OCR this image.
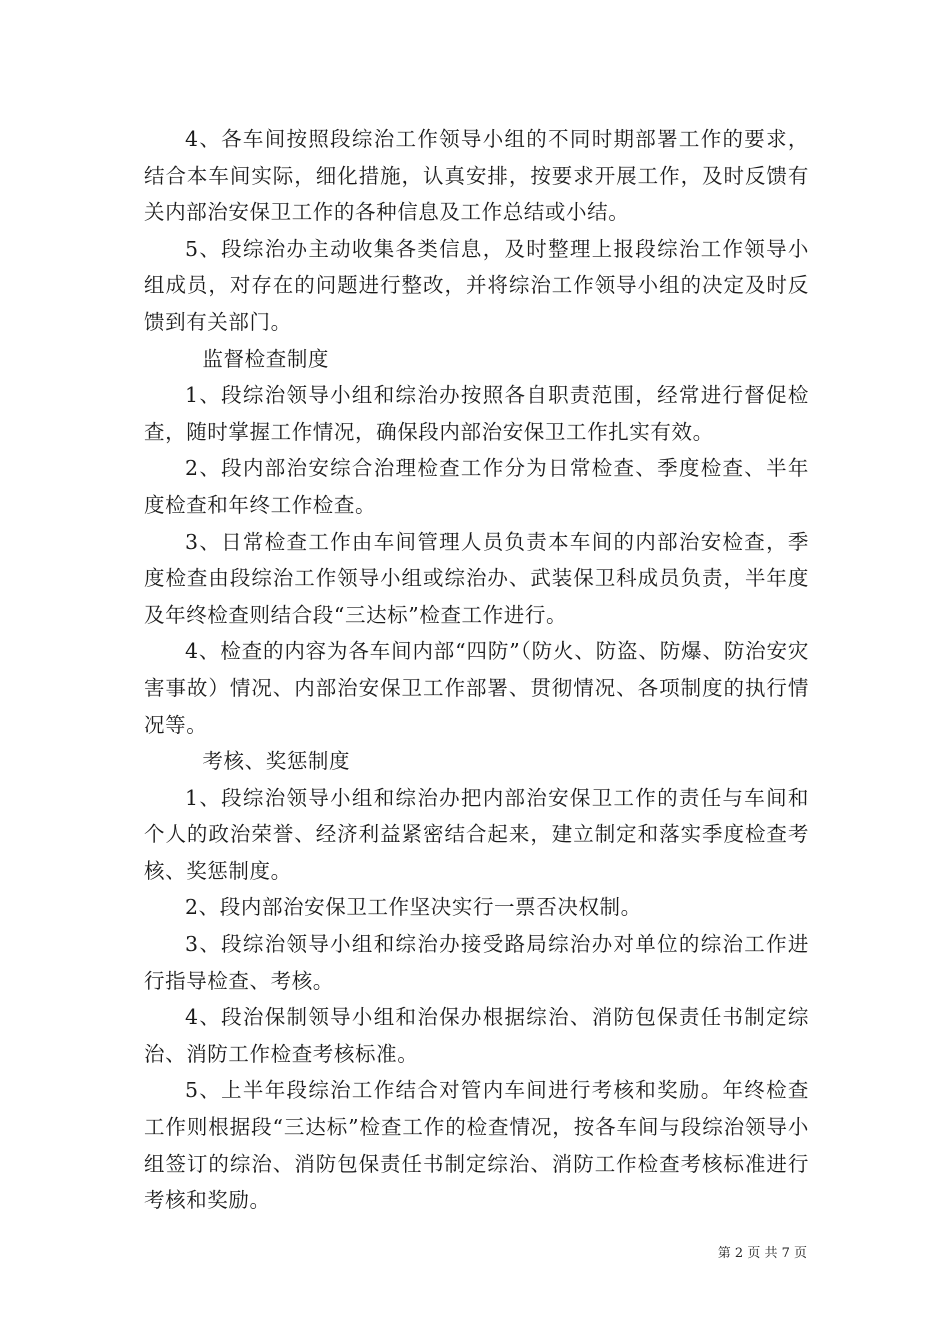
4、各车间按照段综治工作领导小组的不同时期部署工作的要求，结合本车间实际，细化措施，认真安排，按要求开展工作，及时反馈有关内部治安保卫工作的各种信息及工作总结或小结。

5、段综治办主动收集各类信息，及时整理上报段综治工作领导小组成员，对存在的问题进行整改，并将综治工作领导小组的决定及时反馈到有关部门。

监督检查制度

1、段综治领导小组和综治办按照各自职责范围，经常进行督促检查，随时掌握工作情况，确保段内部治安保卫工作扎实有效。

2、段内部治安综合治理检查工作分为日常检查、季度检查、半年度检查和年终工作检查。

3、日常检查工作由车间管理人员负责本车间的内部治安检查，季度检查由段综治工作领导小组或综治办、武装保卫科成员负责，半年度及年终检查则结合段“三达标”检查工作进行。

4、检查的内容为各车间内部“四防”（防火、防盗、防爆、防治安灾害事故）情况、内部治安保卫工作部署、贯彻情况、各项制度的执行情况等。

考核、奖惩制度

1、段综治领导小组和综治办把内部治安保卫工作的责任与车间和个人的政治荣誉、经济利益紧密结合起来，建立制定和落实季度检查考核、奖惩制度。

2、段内部治安保卫工作坚决实行一票否决权制。

3、段综治领导小组和综治办接受路局综治办对单位的综治工作进行指导检查、考核。

4、段治保制领导小组和治保办根据综治、消防包保责任书制定综治、消防工作检查考核标准。

5、上半年段综治工作结合对管内车间进行考核和奖励。年终检查工作则根据段“三达标”检查工作的检查情况，按各车间与段综治领导小组签订的综治、消防包保责任书制定综治、消防工作检查考核标准进行考核和奖励。

第 2 页 共 7 页
